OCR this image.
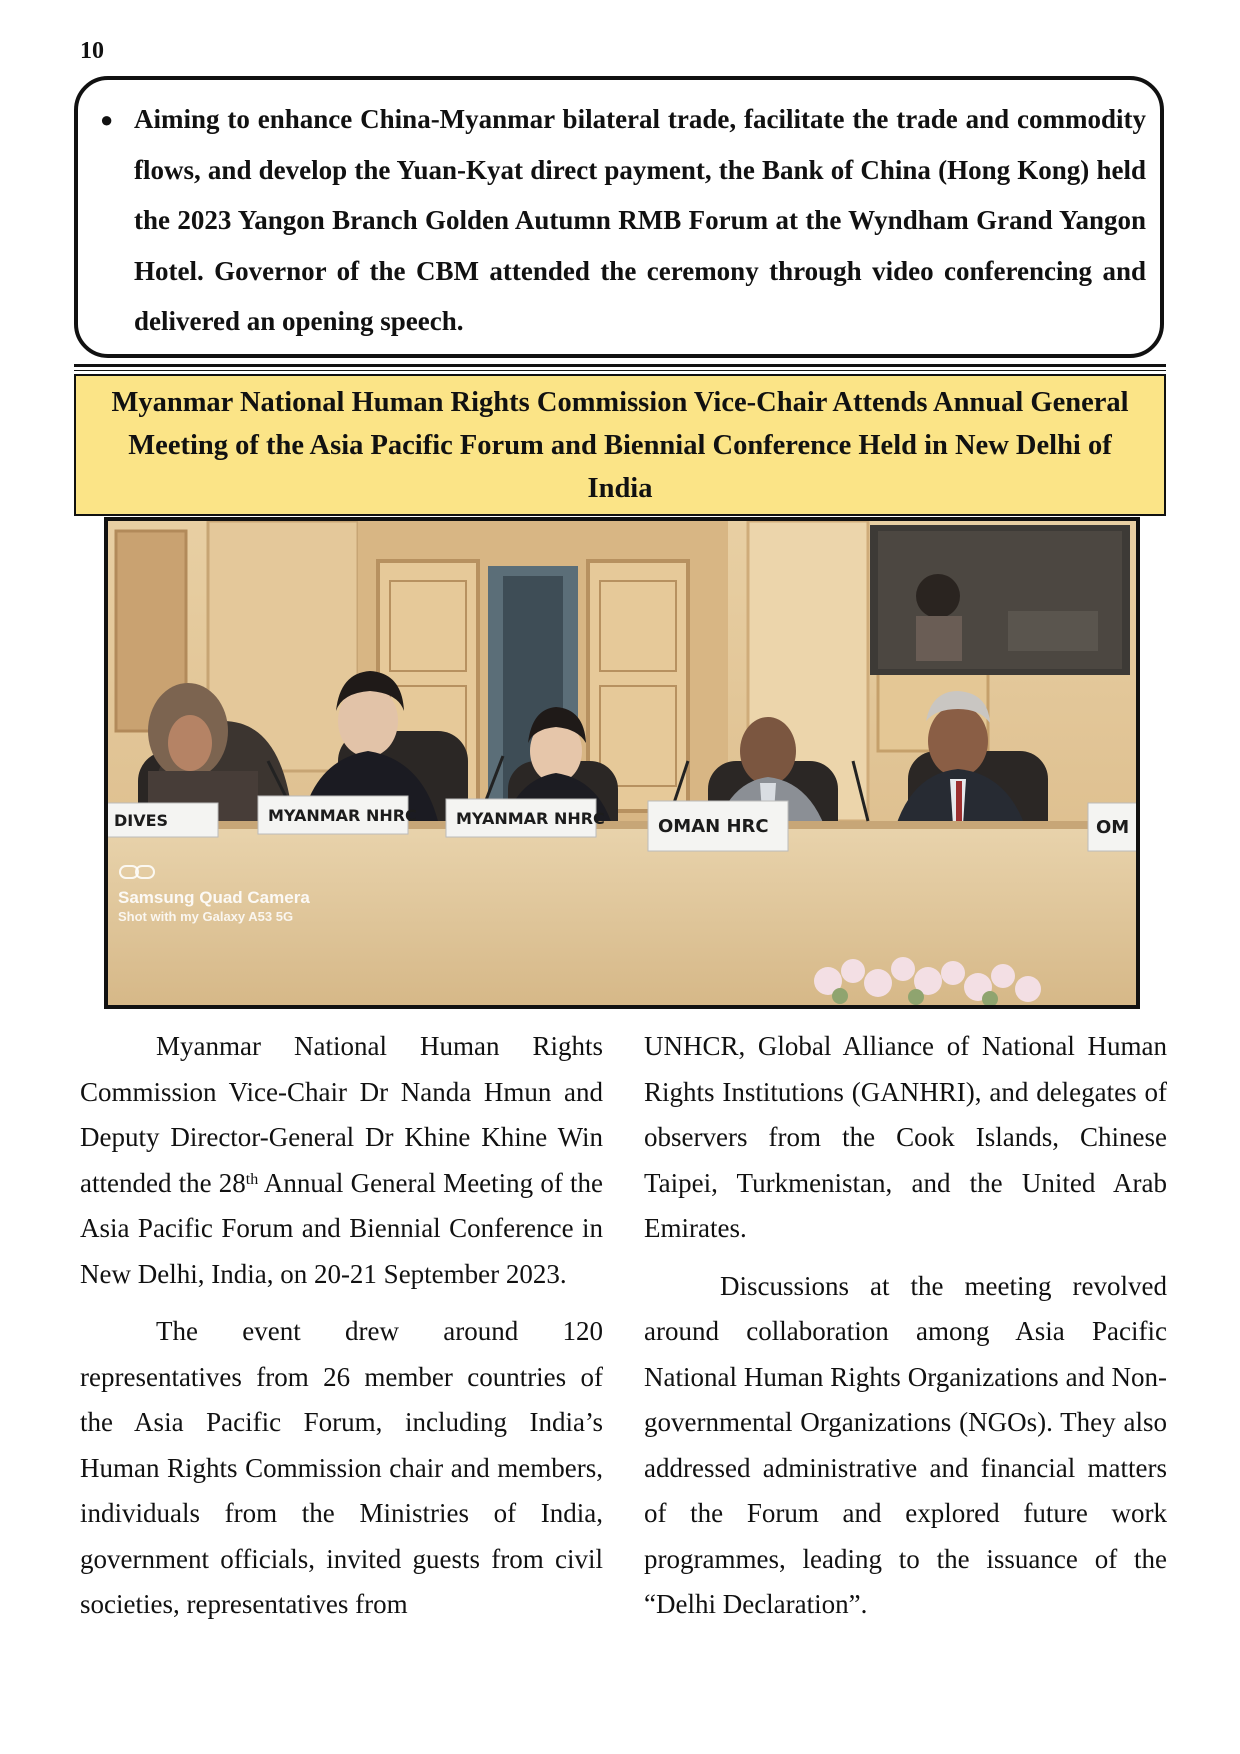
10
● Aiming to enhance China-Myanmar bilateral trade, facilitate the trade and commodity flows, and develop the Yuan-Kyat direct payment, the Bank of China (Hong Kong) held the 2023 Yangon Branch Golden Autumn RMB Forum at the Wyndham Grand Yangon Hotel. Governor of the CBM attended the ceremony through video conferencing and delivered an opening speech.

Myanmar National Human Rights Commission Vice-Chair Attends Annual General Meeting of the Asia Pacific Forum and Biennial Conference Held in New Delhi of India
DIVES	MYANMAR NHRC MYANMAR NHRC	OMAN HRC	OM
Samsung Quad Camera
Shot with my Galaxy A53 5G

Myanmar National Human Rights Commission Vice-Chair Dr Nanda Hmun and Deputy Director-General Dr Khine Khine Win attended the 28th Annual General Meeting of the Asia Pacific Forum and Biennial Conference in New Delhi, India, on 20-21 September 2023.

The event drew around 120 representatives from 26 member countries of the Asia Pacific Forum, including India’s Human Rights Commission chair and members, individuals from the Ministries of India, government officials, invited guests from civil societies, representatives from

UNHCR, Global Alliance of National Human Rights Institutions (GANHRI), and delegates of observers from the Cook Islands, Chinese Taipei, Turkmenistan, and the United Arab Emirates.

Discussions at the meeting revolved around collaboration among Asia Pacific National Human Rights Organizations and Non-governmental Organizations (NGOs). They also addressed administrative and financial matters of the Forum and explored future work programmes, leading to the issuance of the “Delhi Declaration”.
